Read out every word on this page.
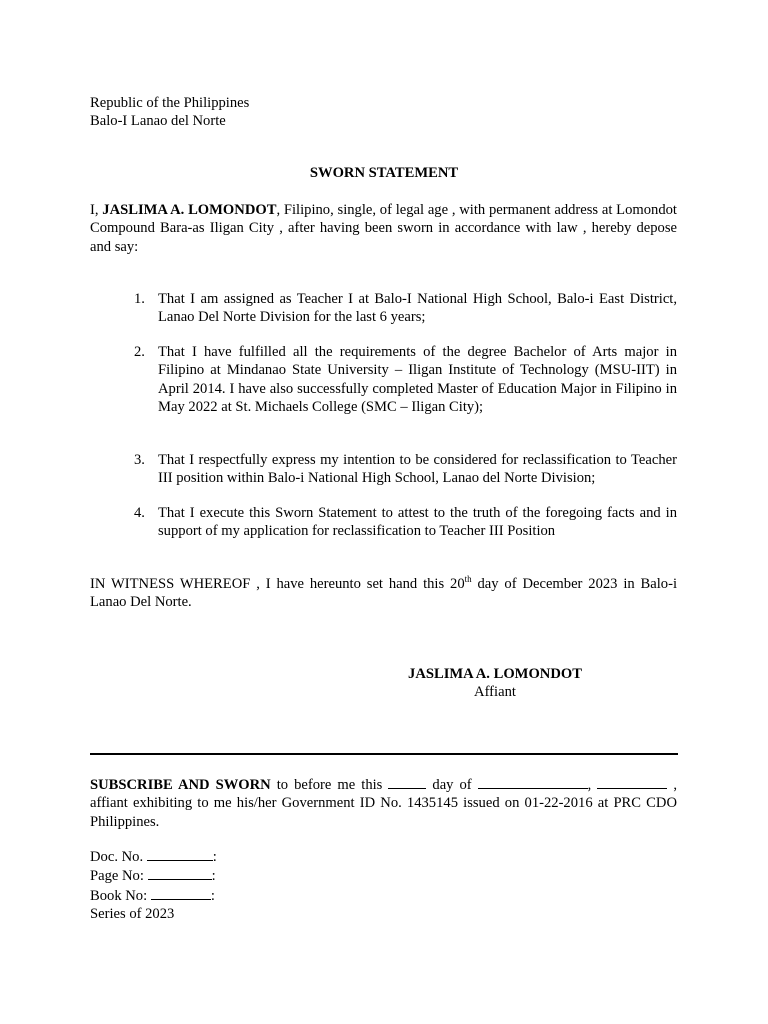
Republic of the Philippines
Balo-I Lanao del Norte

SWORN STATEMENT

I, JASLIMA A. LOMONDOT, Filipino, single, of legal age , with permanent address at Lomondot Compound Bara-as Iligan City , after having been sworn in accordance with law , hereby depose and say:

1. That I am assigned as Teacher I at Balo-I National High School, Balo-i East District, Lanao Del Norte Division for the last 6 years;

2. That I have fulfilled all the requirements of the degree Bachelor of Arts major in Filipino at Mindanao State University – Iligan Institute of Technology (MSU-IIT) in April 2014. I have also successfully completed Master of Education Major in Filipino in May 2022 at St. Michaels College (SMC – Iligan City);

3. That I respectfully express my intention to be considered for reclassification to Teacher III position within Balo-i National High School, Lanao del Norte Division;

4. That I execute this Sworn Statement to attest to the truth of the foregoing facts and in support of my application for reclassification to Teacher III Position

IN WITNESS WHEREOF , I have hereunto set hand this 20th day of December 2023 in Balo-i Lanao Del Norte.

JASLIMA A. LOMONDOT
Affiant

SUBSCRIBE AND SWORN to before me this	day of	,	, affiant exhibiting to me his/her Government ID No. 1435145 issued on 01-22-2016 at PRC CDO Philippines.

Doc. No.	:
Page No:	:
Book No:	:
Series of 2023
